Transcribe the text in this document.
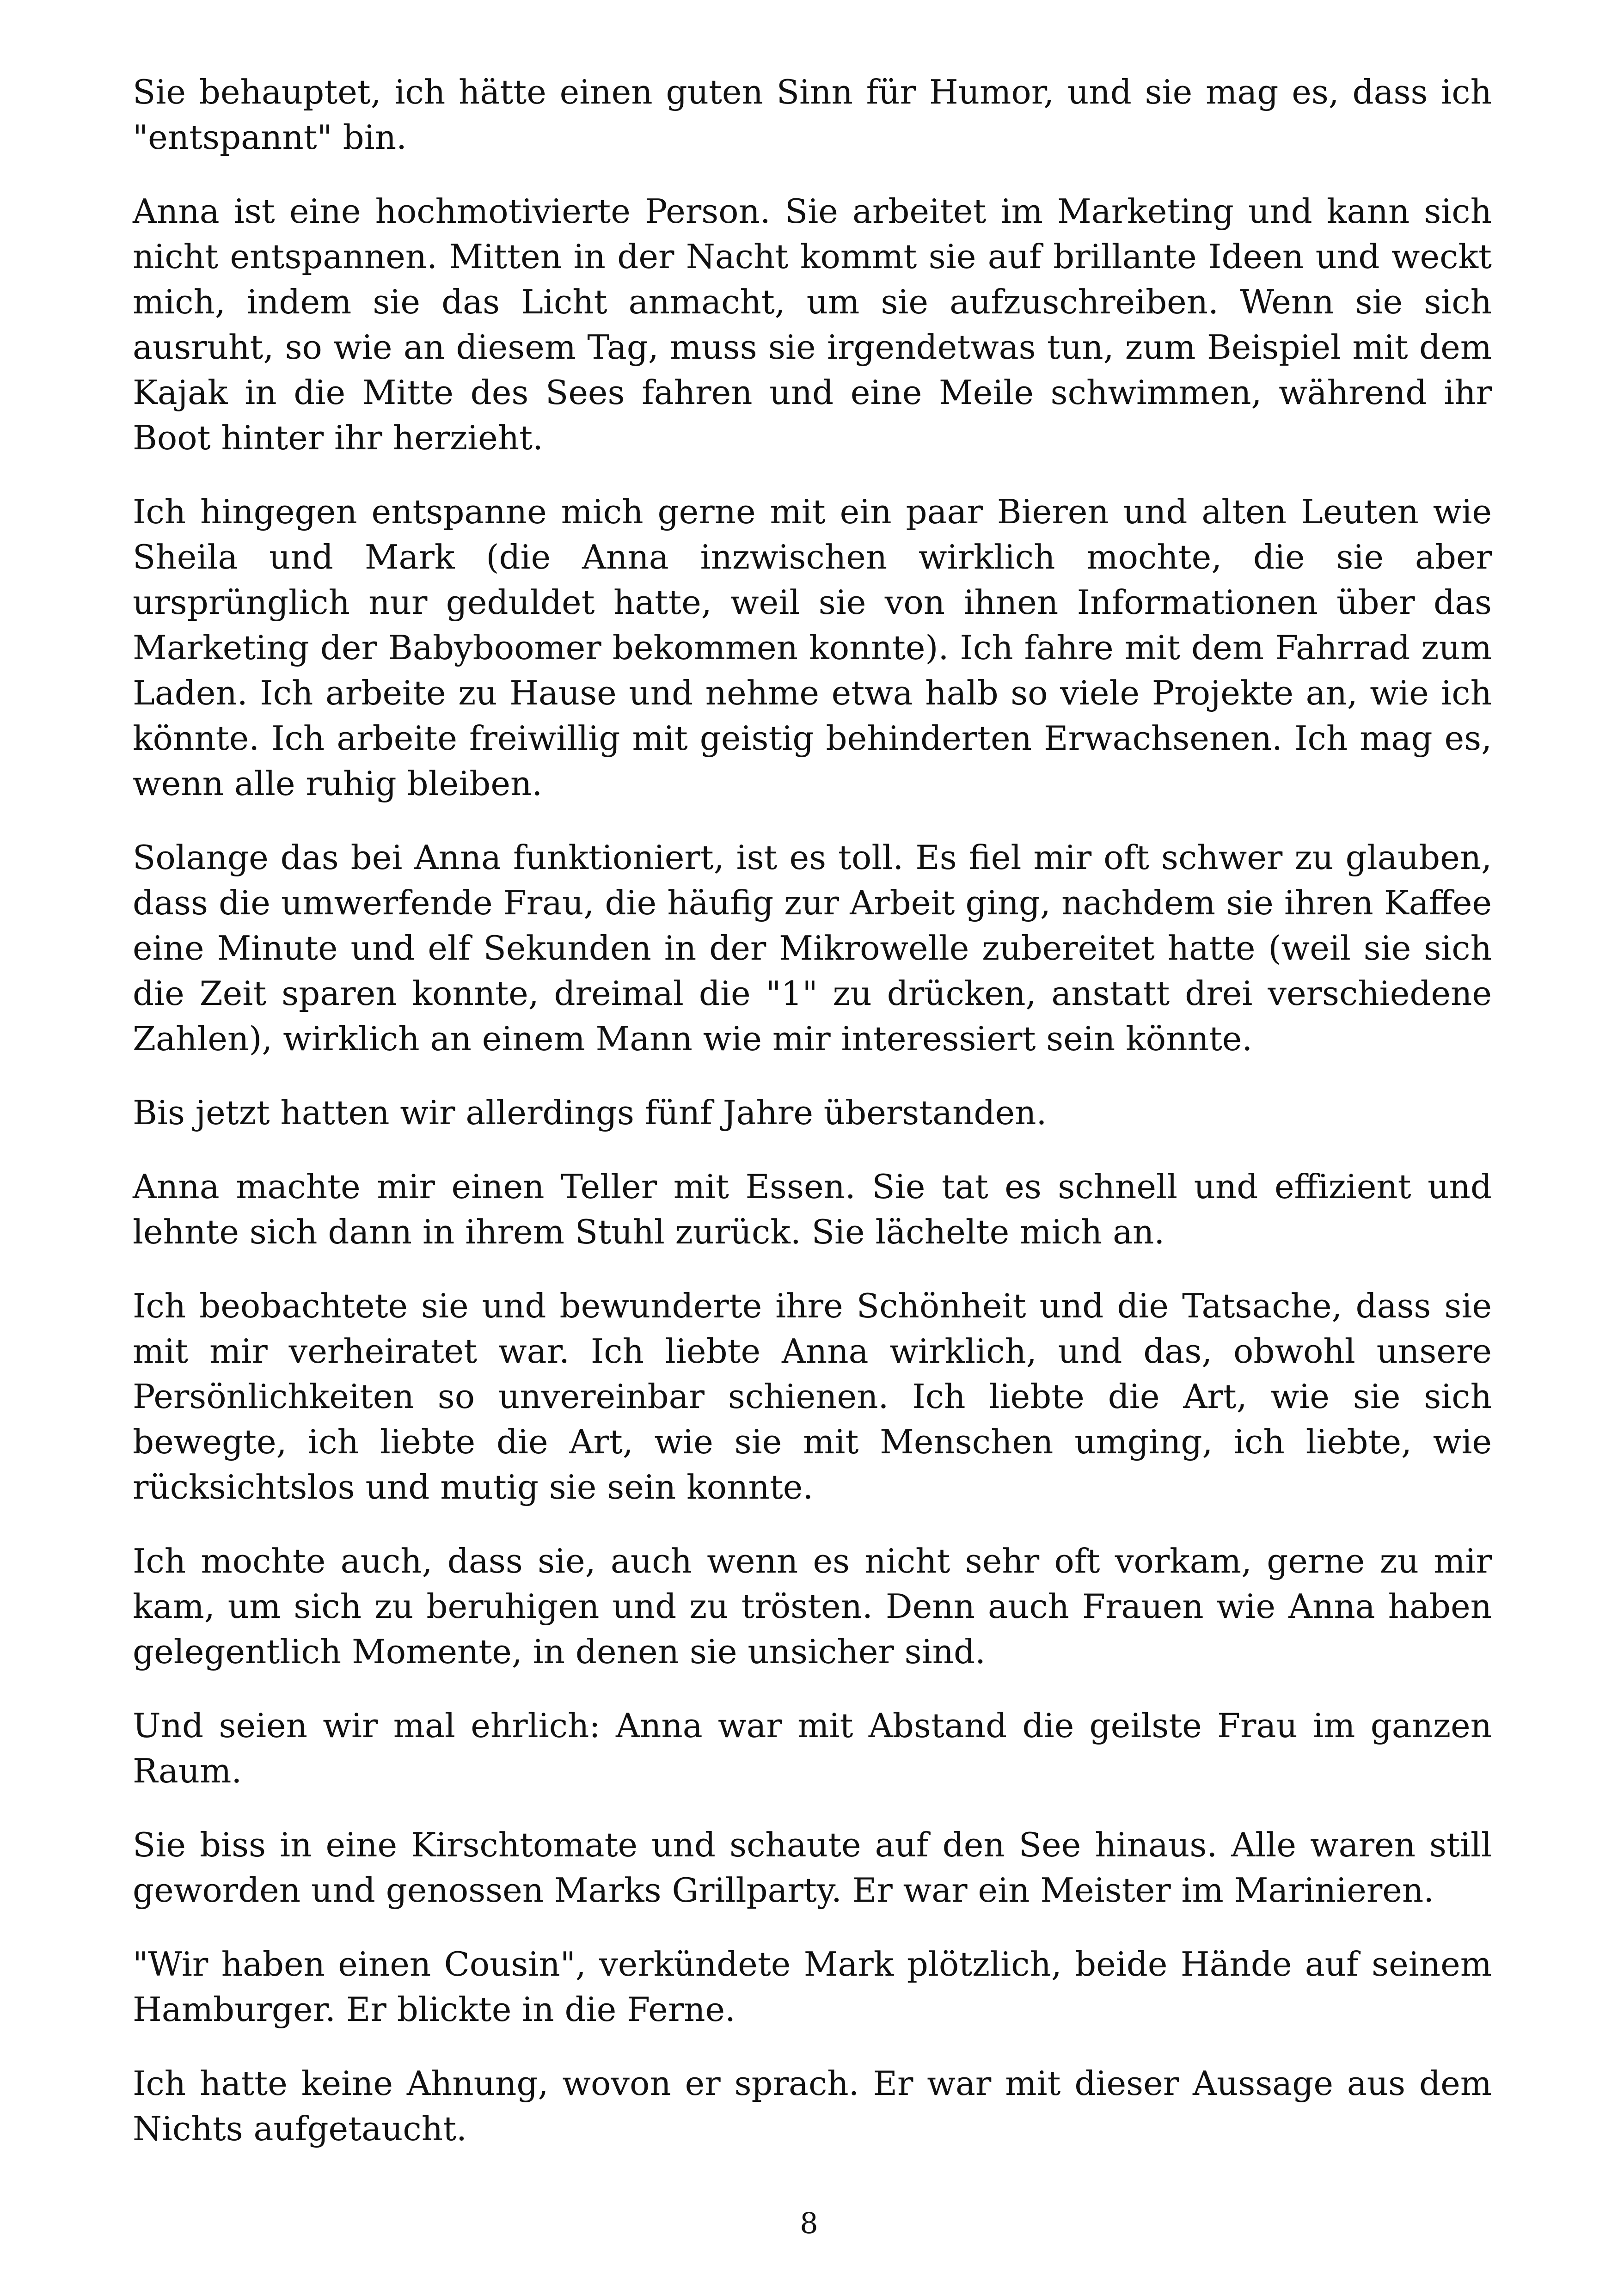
Sie behauptet, ich hätte einen guten Sinn für Humor, und sie mag es, dass ich "entspannt" bin.

Anna ist eine hochmotivierte Person. Sie arbeitet im Marketing und kann sich nicht entspannen. Mitten in der Nacht kommt sie auf brillante Ideen und weckt mich, indem sie das Licht anmacht, um sie aufzuschreiben. Wenn sie sich ausruht, so wie an diesem Tag, muss sie irgendetwas tun, zum Beispiel mit dem Kajak in die Mitte des Sees fahren und eine Meile schwimmen, während ihr Boot hinter ihr herzieht.

Ich hingegen entspanne mich gerne mit ein paar Bieren und alten Leuten wie Sheila und Mark (die Anna inzwischen wirklich mochte, die sie aber ursprünglich nur geduldet hatte, weil sie von ihnen Informationen über das Marketing der Babyboomer bekommen konnte). Ich fahre mit dem Fahrrad zum Laden. Ich arbeite zu Hause und nehme etwa halb so viele Projekte an, wie ich könnte. Ich arbeite freiwillig mit geistig behinderten Erwachsenen. Ich mag es, wenn alle ruhig bleiben.

Solange das bei Anna funktioniert, ist es toll. Es fiel mir oft schwer zu glauben, dass die umwerfende Frau, die häufig zur Arbeit ging, nachdem sie ihren Kaffee eine Minute und elf Sekunden in der Mikrowelle zubereitet hatte (weil sie sich die Zeit sparen konnte, dreimal die "1" zu drücken, anstatt drei verschiedene Zahlen), wirklich an einem Mann wie mir interessiert sein könnte.

Bis jetzt hatten wir allerdings fünf Jahre überstanden.

Anna machte mir einen Teller mit Essen. Sie tat es schnell und effizient und lehnte sich dann in ihrem Stuhl zurück. Sie lächelte mich an.

Ich beobachtete sie und bewunderte ihre Schönheit und die Tatsache, dass sie mit mir verheiratet war. Ich liebte Anna wirklich, und das, obwohl unsere Persönlichkeiten so unvereinbar schienen. Ich liebte die Art, wie sie sich bewegte, ich liebte die Art, wie sie mit Menschen umging, ich liebte, wie rücksichtslos und mutig sie sein konnte.

Ich mochte auch, dass sie, auch wenn es nicht sehr oft vorkam, gerne zu mir kam, um sich zu beruhigen und zu trösten. Denn auch Frauen wie Anna haben gelegentlich Momente, in denen sie unsicher sind.

Und seien wir mal ehrlich: Anna war mit Abstand die geilste Frau im ganzen Raum.

Sie biss in eine Kirschtomate und schaute auf den See hinaus. Alle waren still geworden und genossen Marks Grillparty. Er war ein Meister im Marinieren.

"Wir haben einen Cousin", verkündete Mark plötzlich, beide Hände auf seinem Hamburger. Er blickte in die Ferne.

Ich hatte keine Ahnung, wovon er sprach. Er war mit dieser Aussage aus dem Nichts aufgetaucht.

8
